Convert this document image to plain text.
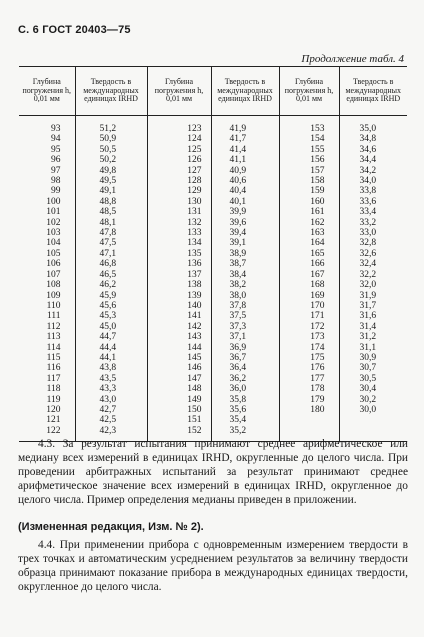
С. 6 ГОСТ 20403—75
Продолжение табл. 4
Глубина погружения h, 0,01 мм	Твердость в международных единицах IRHD	Глубина погружения h, 0,01 мм	Твердость в международных единицах IRHD	Глубина погружения h, 0,01 мм	Твердость в международных единицах IRHD

93	51,2	123	41,9	153	35,0
94	50,9	124	41,7	154	34,8
95	50,5	125	41,4	155	34,6
96	50,2	126	41,1	156	34,4
97	49,8	127	40,9	157	34,2
98	49,5	128	40,6	158	34,0
99	49,1	129	40,4	159	33,8
100	48,8	130	40,1	160	33,6
101	48,5	131	39,9	161	33,4
102	48,1	132	39,6	162	33,2
103	47,8	133	39,4	163	33,0
104	47,5	134	39,1	164	32,8
105	47,1	135	38,9	165	32,6
106	46,8	136	38,7	166	32,4
107	46,5	137	38,4	167	32,2
108	46,2	138	38,2	168	32,0
109	45,9	139	38,0	169	31,9
110	45,6	140	37,8	170	31,7
111	45,3	141	37,5	171	31,6
112	45,0	142	37,3	172	31,4
113	44,7	143	37,1	173	31,2
114	44,4	144	36,9	174	31,1
115	44,1	145	36,7	175	30,9
116	43,8	146	36,4	176	30,7
117	43,5	147	36,2	177	30,5
118	43,3	148	36,0	178	30,4
119	43,0	149	35,8	179	30,2
120	42,7	150	35,6	180	30,0
121	42,5	151	35,4		
122	42,3	152	35,2		

4.3. За результат испытания принимают среднее арифметическое или медиану всех измерений в единицах IRHD, округленные до целого числа. При проведении арбитражных испытаний за результат принимают среднее арифметическое значение всех измерений в единицах IRHD, округленное до целого числа. Пример определения медианы приведен в приложении.
(Измененная редакция, Изм. № 2).
4.4. При применении прибора с одновременным измерением твердости в трех точках и автоматическим усреднением результатов за величину твердости образца принимают показание прибора в международных единицах твердости, округленное до целого числа.
